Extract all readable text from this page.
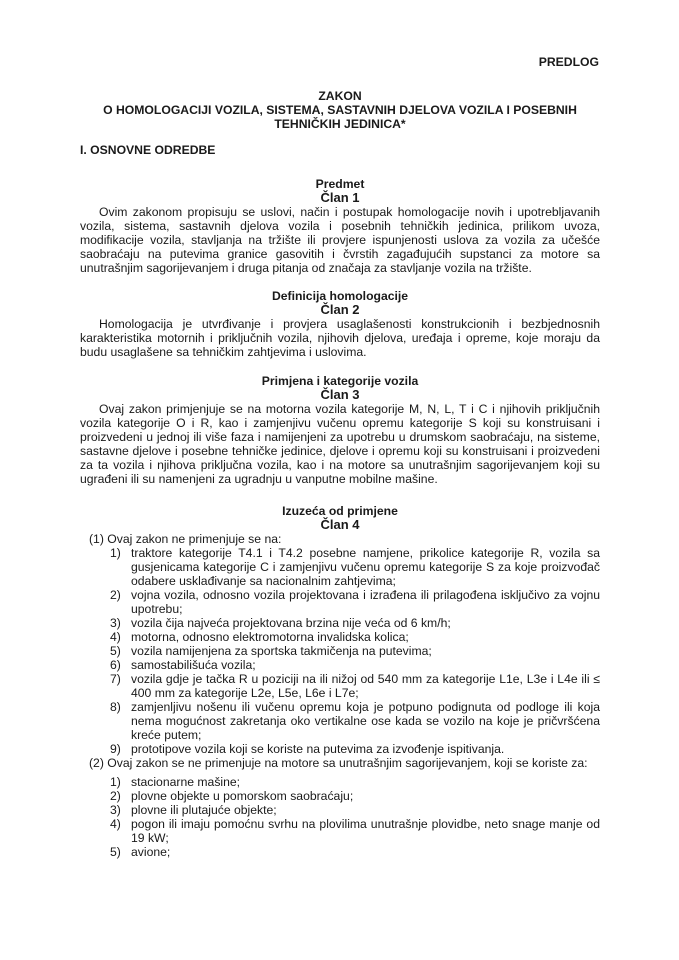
PREDLOG
ZAKON
O HOMOLOGACIJI VOZILA, SISTEMA, SASTAVNIH DJELOVA VOZILA I POSEBNIH
TEHNIČKIH JEDINICA*
I. OSNOVNE ODREDBE
Predmet
Član 1

Ovim zakonom propisuju se uslovi, način i postupak homologacije novih i upotrebljavanih vozila, sistema, sastavnih djelova vozila i posebnih tehničkih jedinica, prilikom uvoza, modifikacije vozila, stavljanja na tržište ili provjere ispunjenosti uslova za vozila za učešće saobraćaju na putevima granice gasovitih i čvrstih zagađujućih supstanci za motore sa unutrašnjim sagorijevanjem i druga pitanja od značaja za stavljanje vozila na tržište.

Definicija homologacije
Član 2

Homologacija je utvrđivanje i provjera usaglašenosti konstrukcionih i bezbjednosnih karakteristika motornih i priključnih vozila, njihovih djelova, uređaja i opreme, koje moraju da budu usaglašene sa tehničkim zahtjevima i uslovima.

Primjena i kategorije vozila
Član 3

Ovaj zakon primjenjuje se na motorna vozila kategorije M, N, L, T i C i njihovih priključnih vozila kategorije O i R, kao i zamjenjivu vučenu opremu kategorije S koji su konstruisani i proizvedeni u jednoj ili više faza i namijenjeni za upotrebu u drumskom saobraćaju, na sisteme, sastavne djelove i posebne tehničke jedinice, djelove i opremu koji su konstruisani i proizvedeni za ta vozila i njihova priključna vozila, kao i na motore sa unutrašnjim sagorijevanjem koji su ugrađeni ili su namenjeni za ugradnju u vanputne mobilne mašine.

Izuzeća od primjene
Član 4
(1) Ovaj zakon ne primenjuje se na:
1) traktore kategorije T4.1 i T4.2 posebne namjene, prikolice kategorije R, vozila sa gusjenicama kategorije C i zamjenjivu vučenu opremu kategorije S za koje proizvođač odabere usklađivanje sa nacionalnim zahtjevima;
2) vojna vozila, odnosno vozila projektovana i izrađena ili prilagođena isključivo za vojnu upotrebu;
3) vozila čija najveća projektovana brzina nije veća od 6 km/h;
4) motorna, odnosno elektromotorna invalidska kolica;
5) vozila namijenjena za sportska takmičenja na putevima;
6) samostabilišuća vozila;
7) vozila gdje je tačka R u poziciji na ili nižoj od 540 mm za kategorije L1e, L3e i L4e ili ≤ 400 mm za kategorije L2e, L5e, L6e i L7e;
8) zamjenljivu nošenu ili vučenu opremu koja je potpuno podignuta od podloge ili koja nema mogućnost zakretanja oko vertikalne ose kada se vozilo na koje je pričvršćena kreće putem;
9) prototipove vozila koji se koriste na putevima za izvođenje ispitivanja.

(2) Ovaj zakon se ne primenjuje na motore sa unutrašnjim sagorijevanjem, koji se koriste za:

1) stacionarne mašine;
2) plovne objekte u pomorskom saobraćaju;
3) plovne ili plutajuće objekte;
4) pogon ili imaju pomoćnu svrhu na plovilima unutrašnje plovidbe, neto snage manje od 19 kW;
5) avione;
